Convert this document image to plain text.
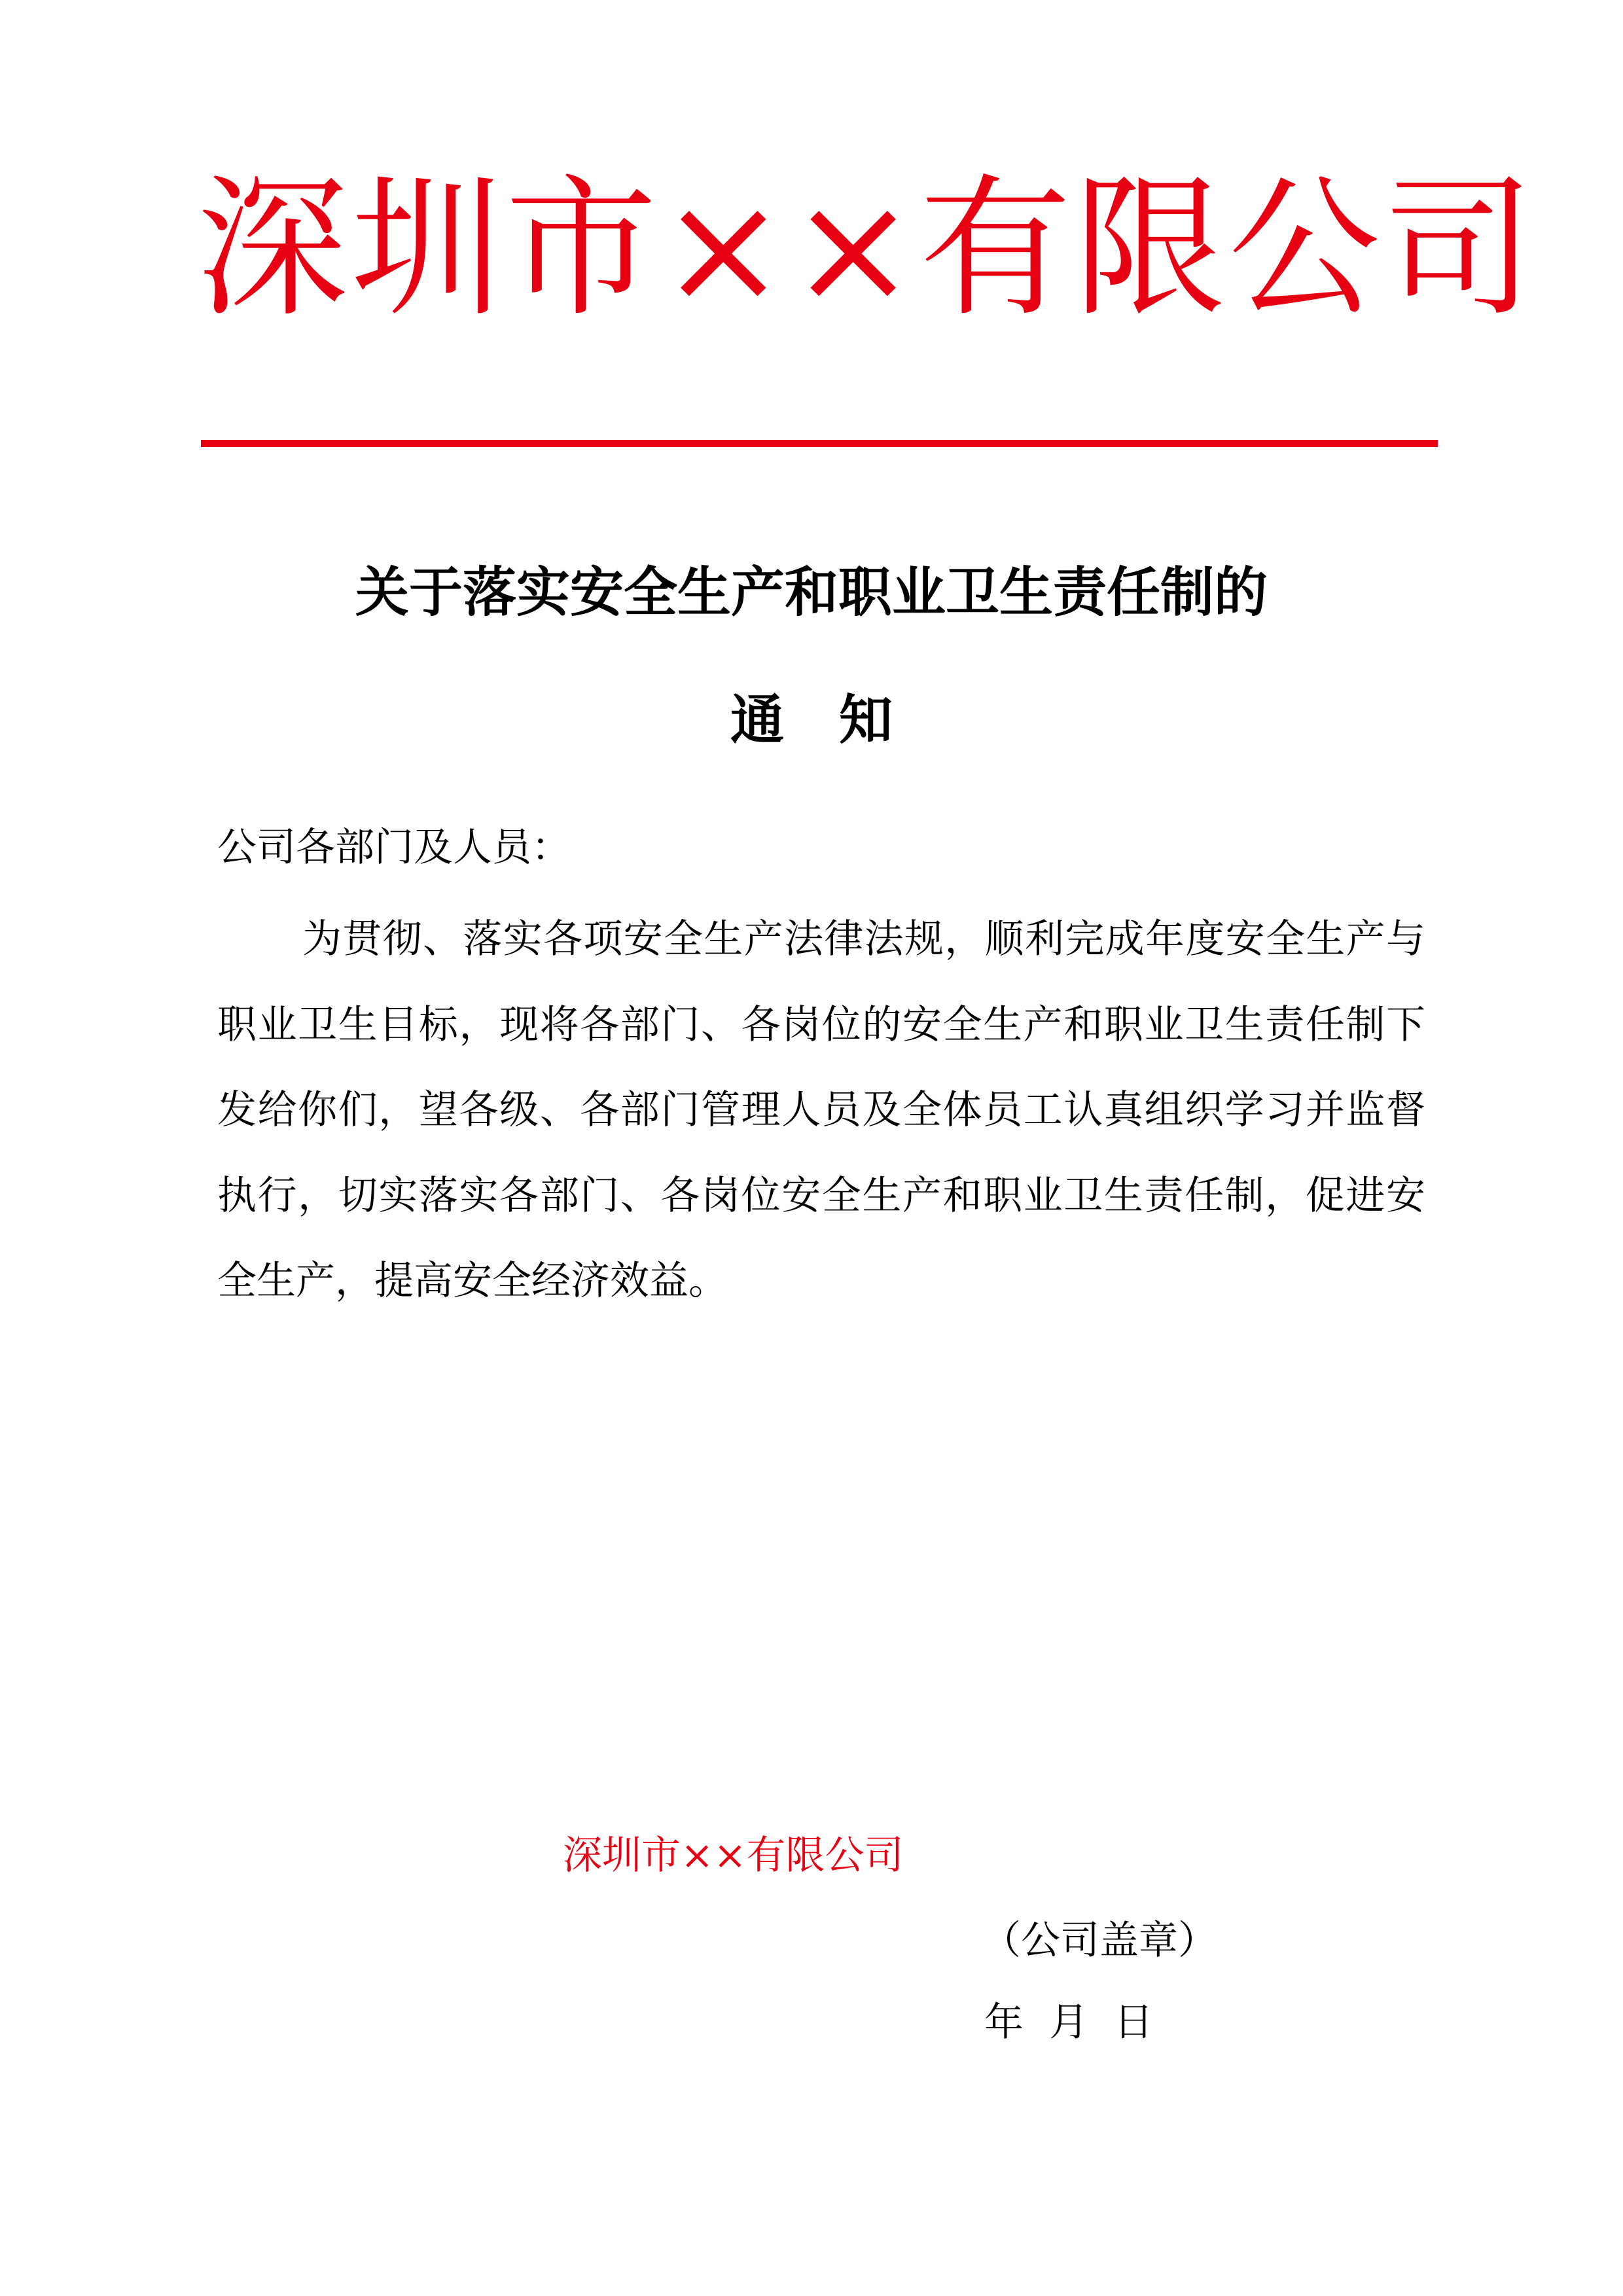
深圳市××有限公司
关于落实安全生产和职业卫生责任制的
通知

公司各部门及人员：

为贯彻、落实各项安全生产法律法规，顺利完成年度安全生产与职业卫生目标，现将各部门、各岗位的安全生产和职业卫生责任制下发给你们，望各级、各部门管理人员及全体员工认真组织学习并监督执行，切实落实各部门、各岗位安全生产和职业卫生责任制，促进安全生产，提高安全经济效益。

深圳市××有限公司

（公司盖章）

年 月 日
